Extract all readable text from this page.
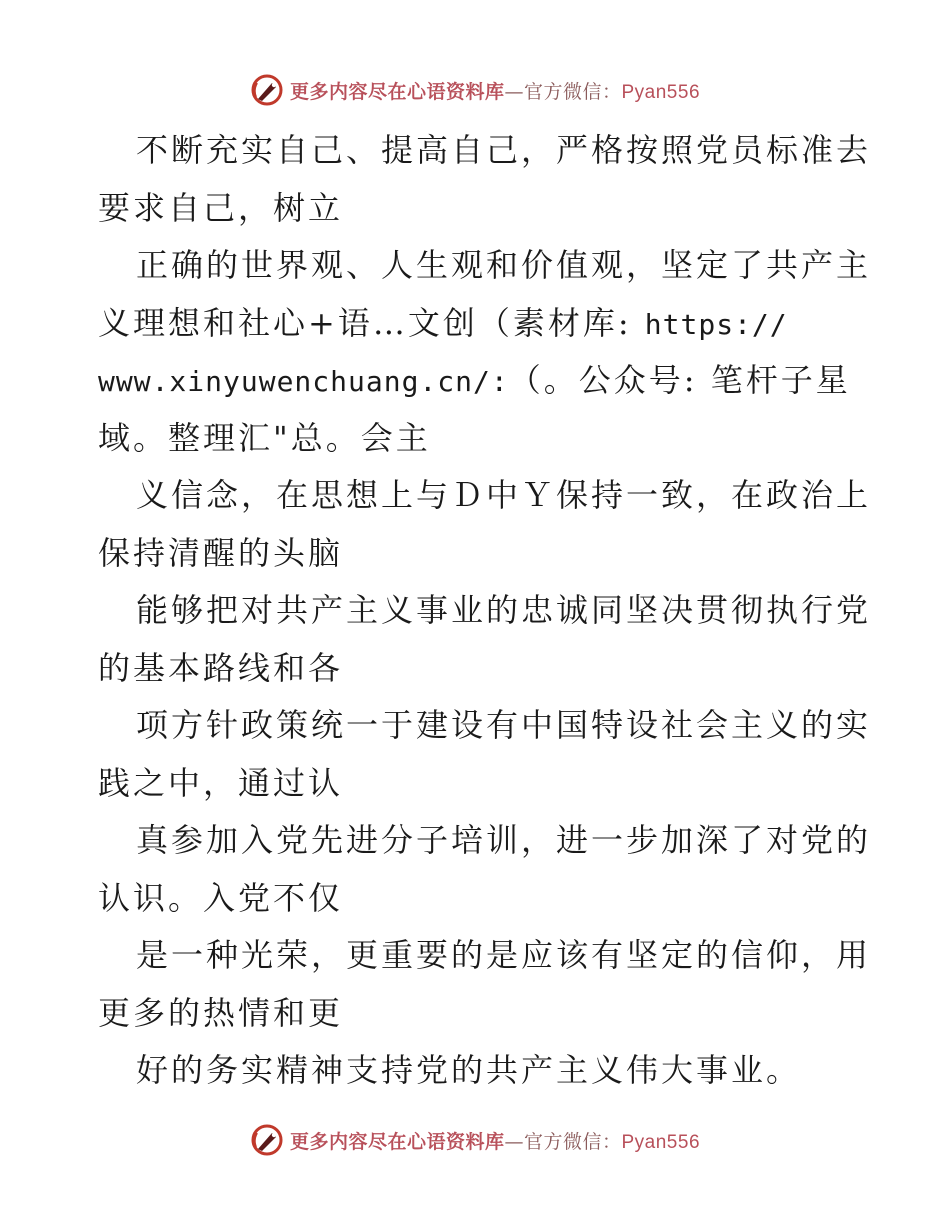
更多内容尽在心语资料库—官方微信：Pyan556
不断充实自己、提高自己，严格按照党员标准去
要求自己，树立
正确的世界观、人生观和价值观，坚定了共产主
义理想和社心+语…文创（素材库: https://
www.xinyuwenchuang.cn/:（。公众号: 笔杆子星
域。整理汇"总。会主
义信念，在思想上与Ｄ中Ｙ保持一致，在政治上
保持清醒的头脑
能够把对共产主义事业的忠诚同坚决贯彻执行党
的基本路线和各
项方针政策统一于建设有中国特设社会主义的实
践之中，通过认
真参加入党先进分子培训，进一步加深了对党的
认识。入党不仅
是一种光荣，更重要的是应该有坚定的信仰，用
更多的热情和更
好的务实精神支持党的共产主义伟大事业。
更多内容尽在心语资料库—官方微信：Pyan556
